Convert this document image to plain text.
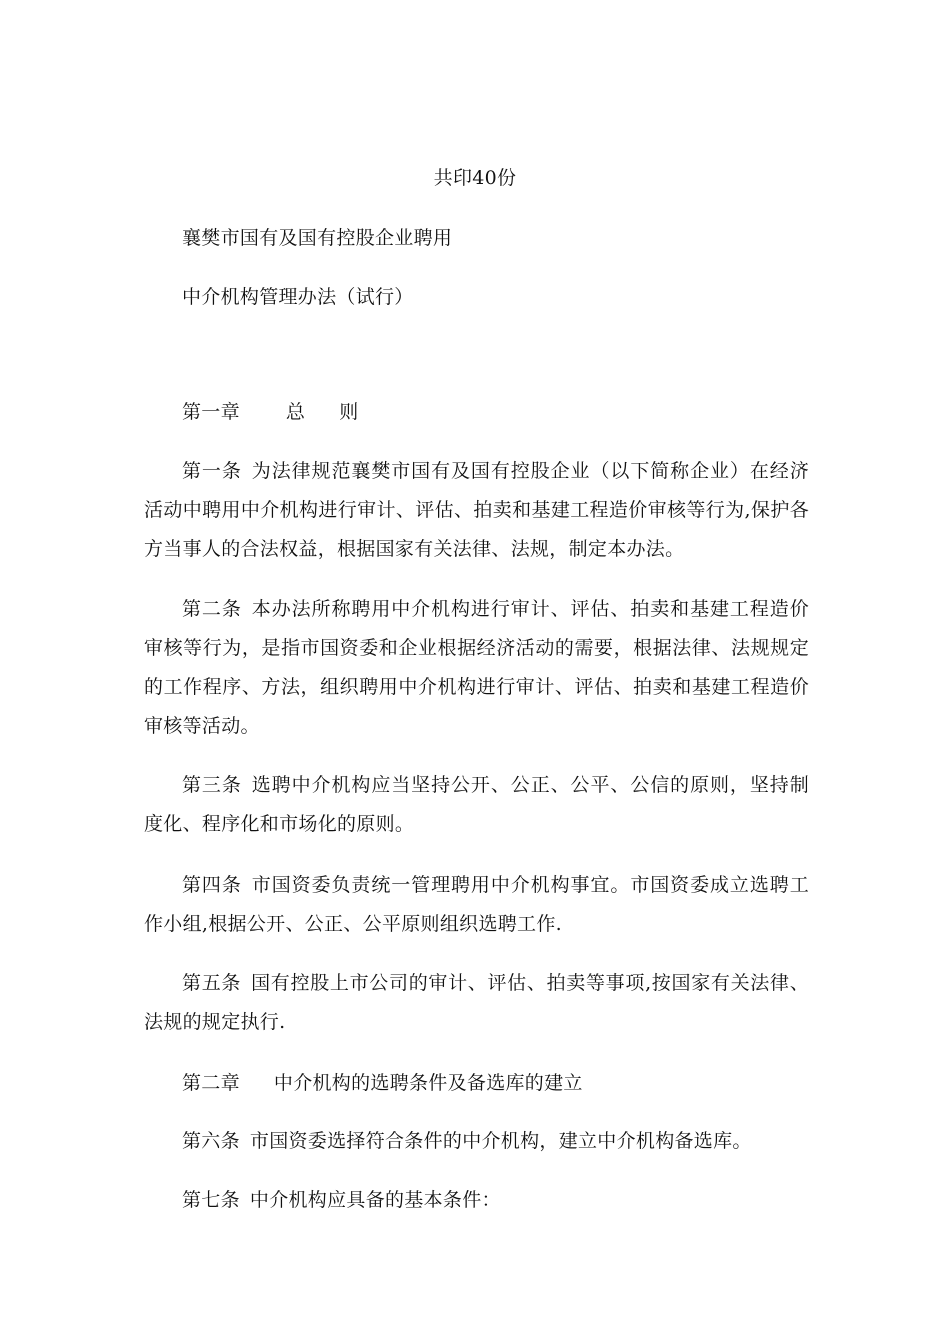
共印40份
襄樊市国有及国有控股企业聘用
中介机构管理办法（试行）
第一章 总 则
第一条 为法律规范襄樊市国有及国有控股企业（以下简称企业）在经济活动中聘用中介机构进行审计、评估、拍卖和基建工程造价审核等行为,保护各方当事人的合法权益，根据国家有关法律、法规，制定本办法。
第二条 本办法所称聘用中介机构进行审计、评估、拍卖和基建工程造价审核等行为，是指市国资委和企业根据经济活动的需要，根据法律、法规规定的工作程序、方法，组织聘用中介机构进行审计、评估、拍卖和基建工程造价审核等活动。
第三条 选聘中介机构应当坚持公开、公正、公平、公信的原则，坚持制度化、程序化和市场化的原则。
第四条 市国资委负责统一管理聘用中介机构事宜。市国资委成立选聘工作小组,根据公开、公正、公平原则组织选聘工作.
第五条 国有控股上市公司的审计、评估、拍卖等事项,按国家有关法律、法规的规定执行.
第二章 中介机构的选聘条件及备选库的建立
第六条 市国资委选择符合条件的中介机构，建立中介机构备选库。
第七条 中介机构应具备的基本条件：
